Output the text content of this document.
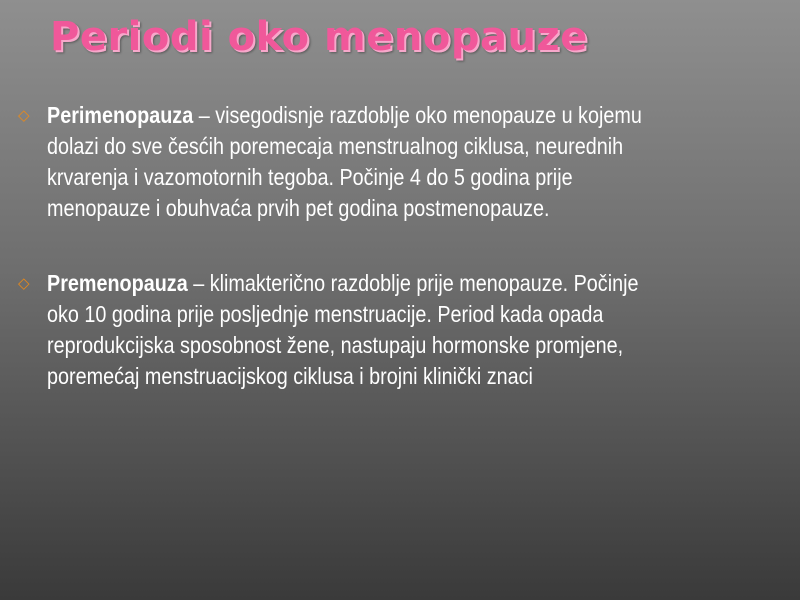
Periodi oko menopauze
◇ Perimenopauza – visegodisnje razdoblje oko menopauze u kojemu dolazi do sve česćih poremecaja menstrualnog ciklusa, neurednih krvarenja i vazomotornih tegoba. Počinje 4 do 5 godina prije menopauze i obuhvaća prvih pet godina postmenopauze.
◇ Premenopauza – klimakterično razdoblje prije menopauze. Počinje oko 10 godina prije posljednje menstruacije. Period kada opada reprodukcijska sposobnost žene, nastupaju hormonske promjene, poremećaj menstruacijskog ciklusa i brojni klinički znaci
